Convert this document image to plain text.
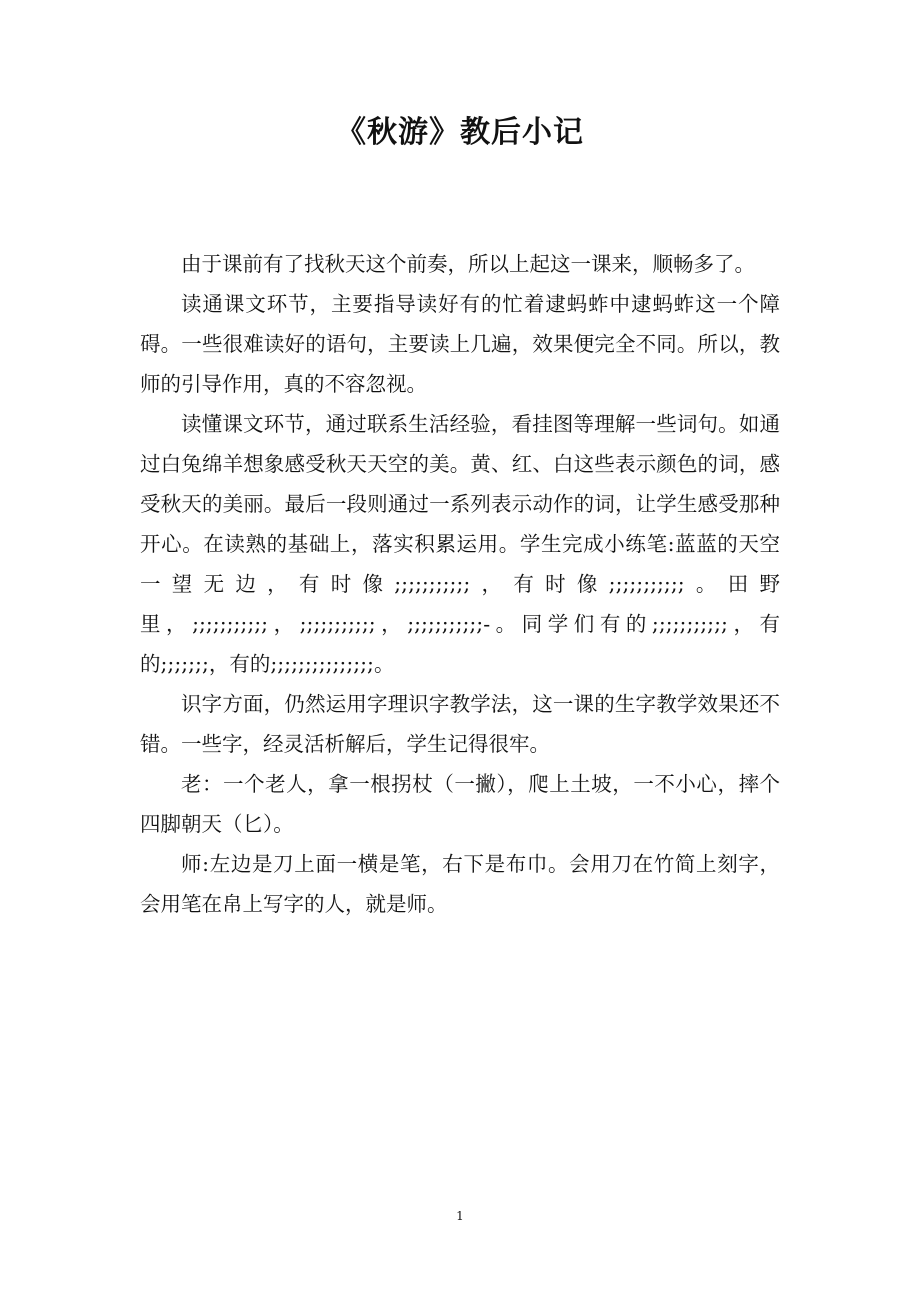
《秋游》教后小记

由于课前有了找秋天这个前奏，所以上起这一课来，顺畅多了。

读通课文环节，主要指导读好有的忙着逮蚂蚱中逮蚂蚱这一个障碍。一些很难读好的语句，主要读上几遍，效果便完全不同。所以，教师的引导作用，真的不容忽视。

读懂课文环节，通过联系生活经验，看挂图等理解一些词句。如通过白兔绵羊想象感受秋天天空的美。黄、红、白这些表示颜色的词，感受秋天的美丽。最后一段则通过一系列表示动作的词，让学生感受那种开心。在读熟的基础上，落实积累运用。学生完成小练笔:蓝蓝的天空一望无边，有时像;;;;;;;;;;;，有时像;;;;;;;;;;;。田野里，;;;;;;;;;;;，;;;;;;;;;;;，;;;;;;;;;;;-。同学们有的;;;;;;;;;;;，有的;;;;;;;，有的;;;;;;;;;;;;;;;。

识字方面，仍然运用字理识字教学法，这一课的生字教学效果还不错。一些字，经灵活析解后，学生记得很牢。

老：一个老人，拿一根拐杖（一撇），爬上土坡，一不小心，摔个四脚朝天（匕）。

师:左边是刀上面一横是笔，右下是布巾。会用刀在竹简上刻字，会用笔在帛上写字的人，就是师。

1
